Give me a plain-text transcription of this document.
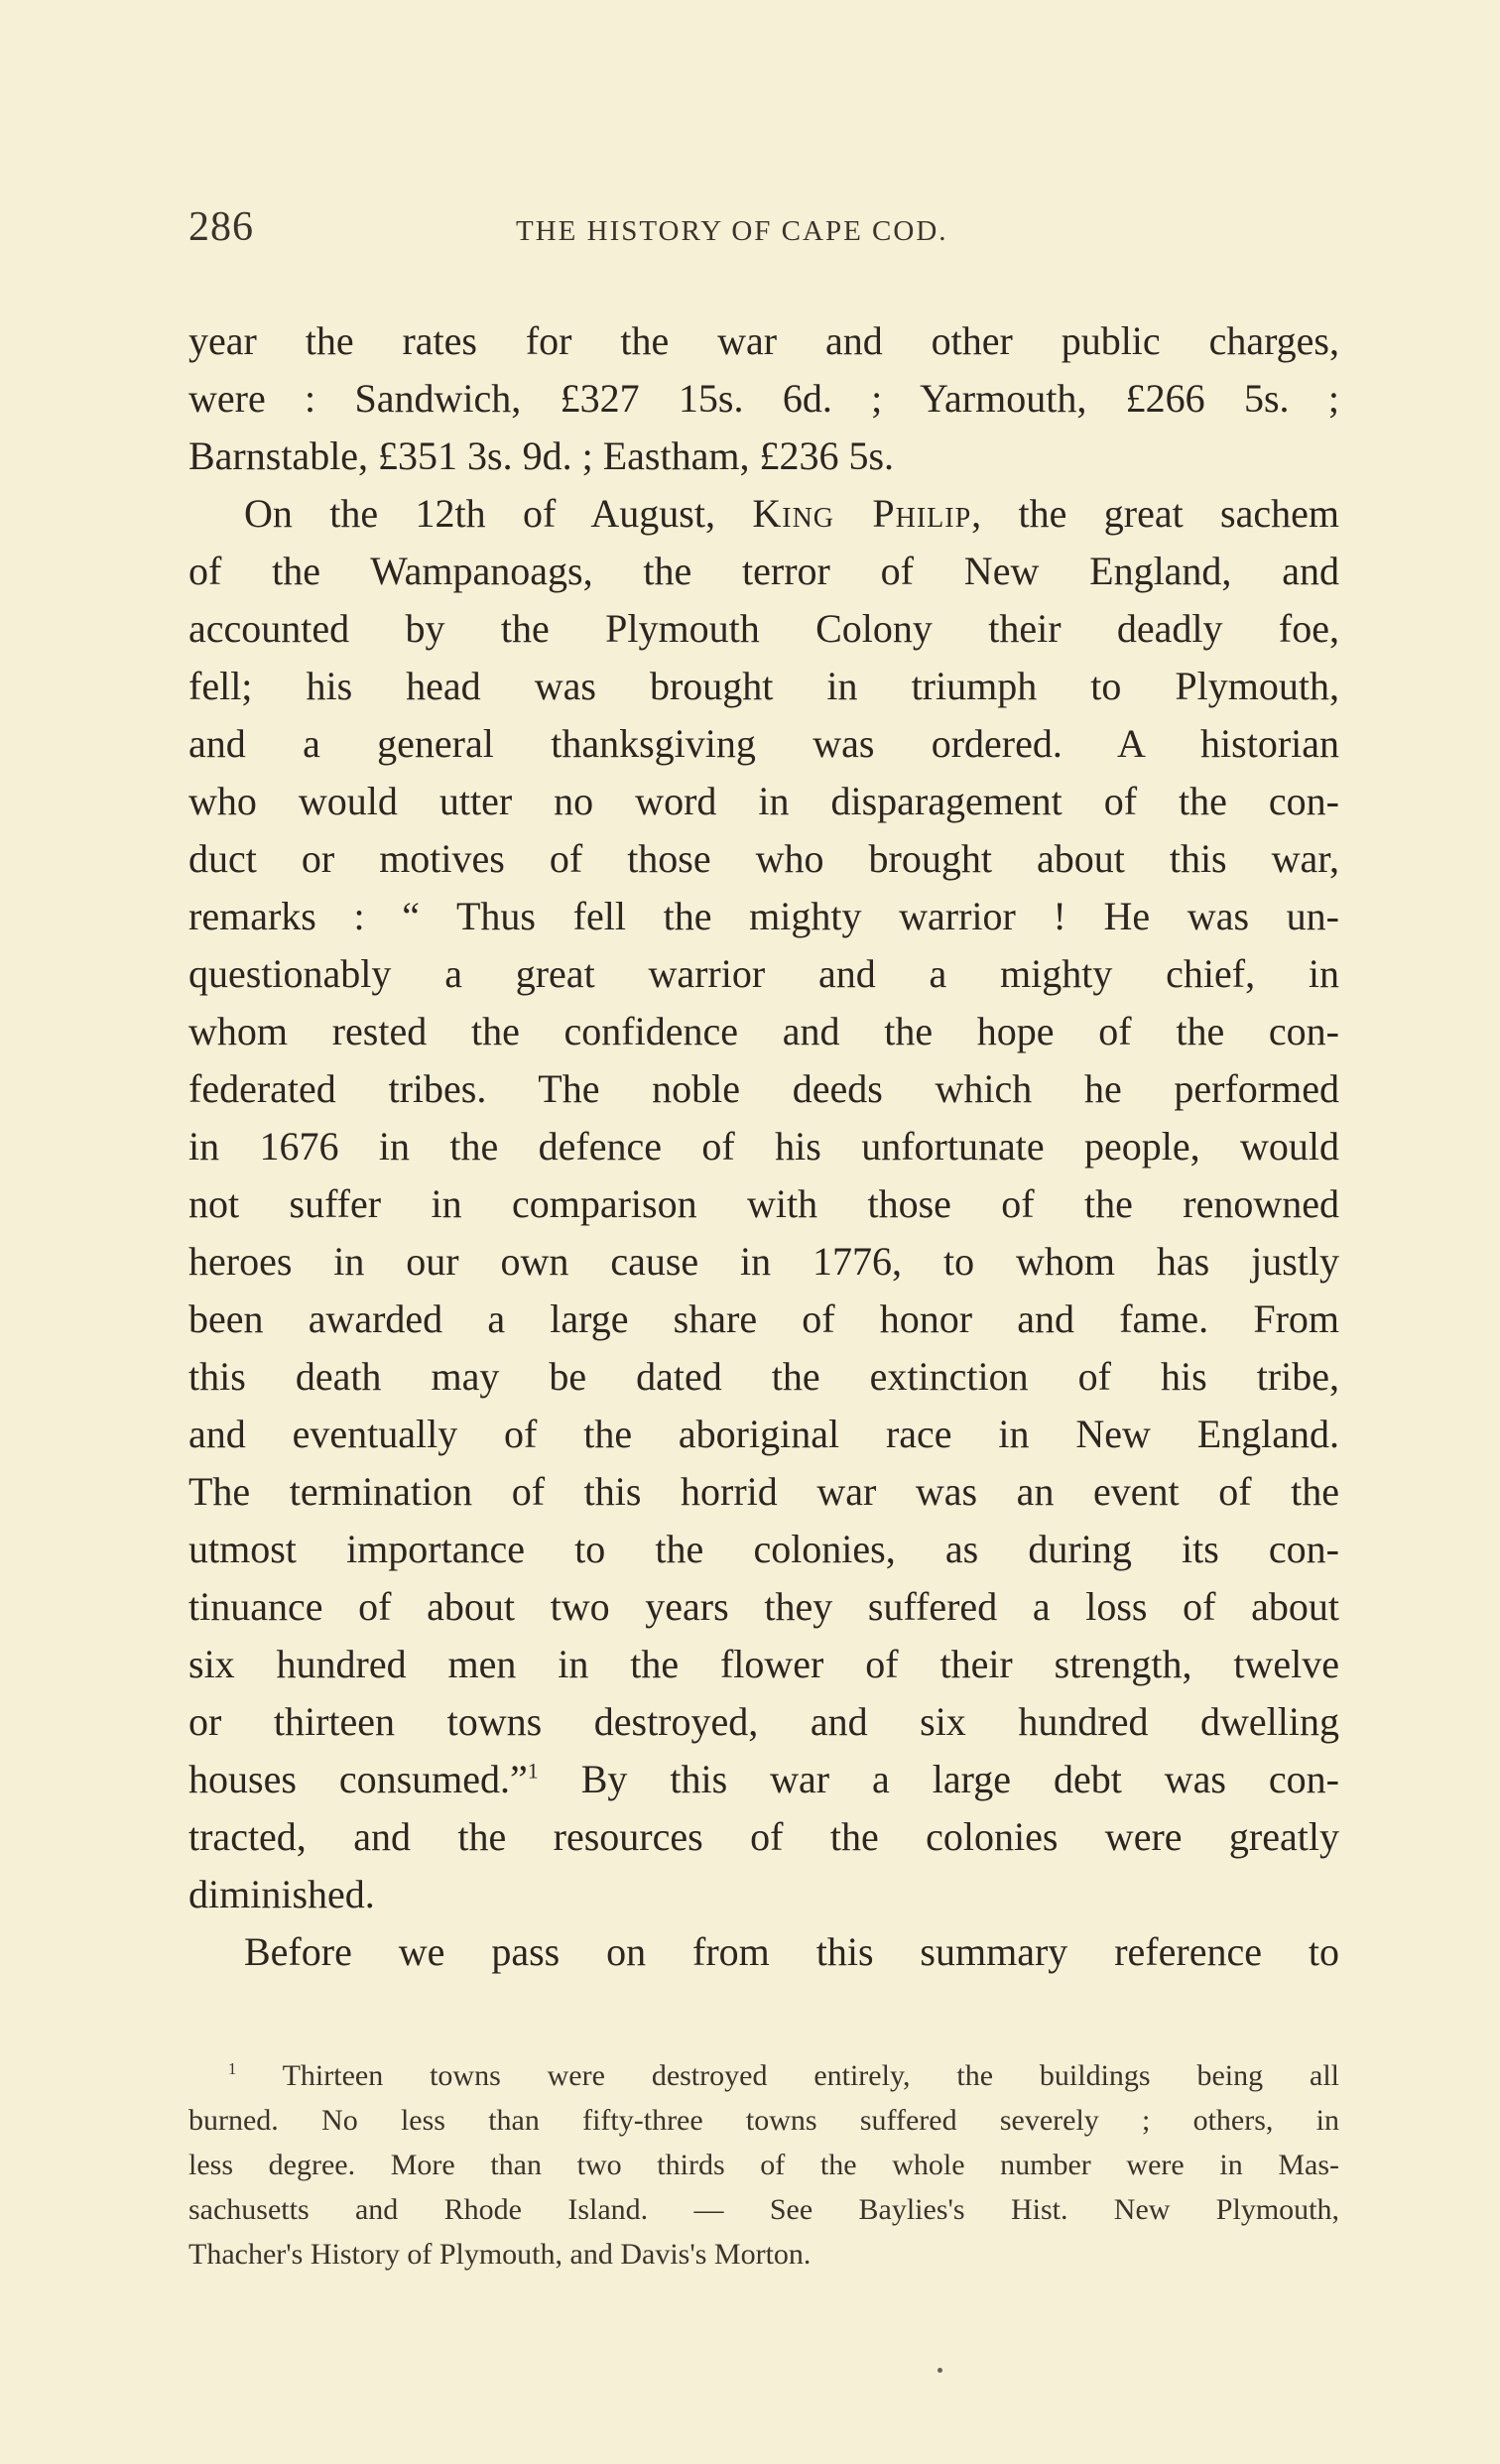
286	THE HISTORY OF CAPE COD.
year the rates for the war and other public charges,
were : Sandwich, £327 15s. 6d. ; Yarmouth, £266 5s. ;
Barnstable, £351 3s. 9d. ; Eastham, £236 5s.
On the 12th of August, King Philip, the great sachem
of the Wampanoags, the terror of New England, and
accounted by the Plymouth Colony their deadly foe,
fell; his head was brought in triumph to Plymouth,
and a general thanksgiving was ordered. A historian
who would utter no word in disparagement of the con-
duct or motives of those who brought about this war,
remarks : “ Thus fell the mighty warrior ! He was un-
questionably a great warrior and a mighty chief, in
whom rested the confidence and the hope of the con-
federated tribes. The noble deeds which he performed
in 1676 in the defence of his unfortunate people, would
not suffer in comparison with those of the renowned
heroes in our own cause in 1776, to whom has justly
been awarded a large share of honor and fame. From
this death may be dated the extinction of his tribe,
and eventually of the aboriginal race in New England.
The termination of this horrid war was an event of the
utmost importance to the colonies, as during its con-
tinuance of about two years they suffered a loss of about
six hundred men in the flower of their strength, twelve
or thirteen towns destroyed, and six hundred dwelling
houses consumed.”$^1$ By this war a large debt was con-
tracted, and the resources of the colonies were greatly
diminished.
Before we pass on from this summary reference to
$^1$ Thirteen towns were destroyed entirely, the buildings being all
burned. No less than fifty-three towns suffered severely ; others, in
less degree. More than two thirds of the whole number were in Mas-
sachusetts and Rhode Island. — See Baylies's Hist. New Plymouth,
Thacher's History of Plymouth, and Davis's Morton.
